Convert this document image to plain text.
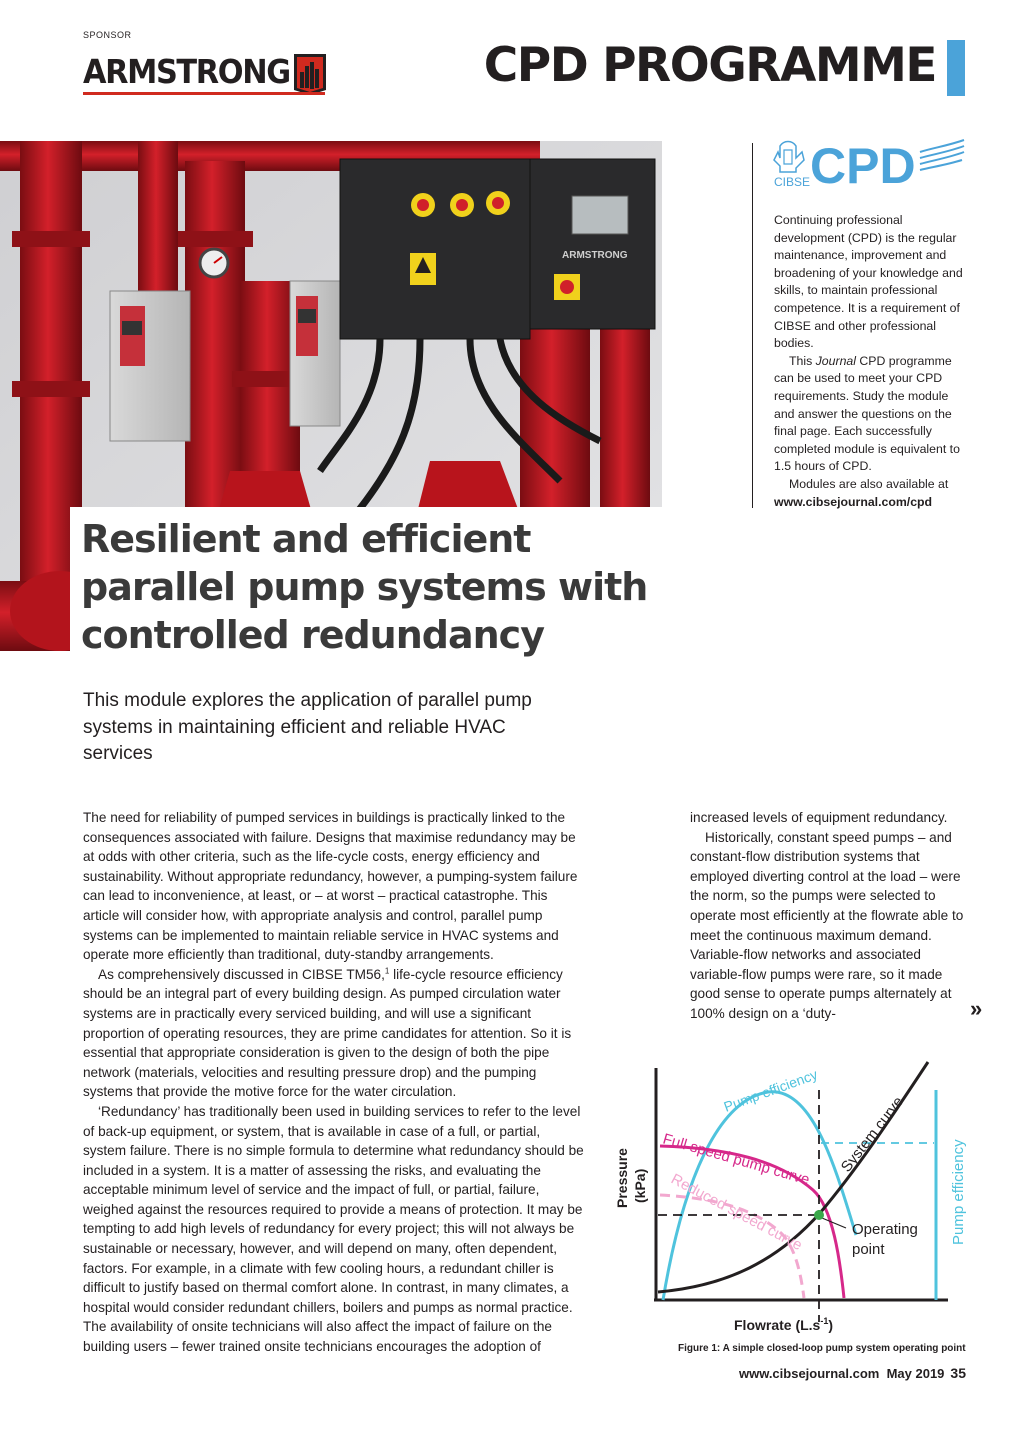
SPONSOR
ARMSTRONG	CPD PROGRAMME
ARMSTRONG
Resilient and efficient parallel pump systems with controlled redundancy
CIBSE CPD

Continuing professional development (CPD) is the regular maintenance, improvement and broadening of your knowledge and skills, to maintain professional competence. It is a requirement of CIBSE and other professional bodies.

This Journal CPD programme can be used to meet your CPD requirements. Study the module and answer the questions on the final page. Each successfully completed module is equivalent to 1.5 hours of CPD.

Modules are also available at

www.cibsejournal.com/cpd

This module explores the application of parallel pump systems in maintaining efficient and reliable HVAC services

The need for reliability of pumped services in buildings is practically linked to the consequences associated with failure. Designs that maximise redundancy may be at odds with other criteria, such as the life-cycle costs, energy efficiency and sustainability. Without appropriate redundancy, however, a pumping-system failure can lead to inconvenience, at least, or – at worst – practical catastrophe. This article will consider how, with appropriate analysis and control, parallel pump systems can be implemented to maintain reliable service in HVAC systems and operate more efficiently than traditional, duty-standby arrangements.

As comprehensively discussed in CIBSE TM56,$^1$ life-cycle resource efficiency should be an integral part of every building design. As pumped circulation water systems are in practically every serviced building, and will use a significant proportion of operating resources, they are prime candidates for attention. So it is essential that appropriate consideration is given to the design of both the pipe network (materials, velocities and resulting pressure drop) and the pumping systems that provide the motive force for the water circulation.

‘Redundancy’ has traditionally been used in building services to refer to the level of back-up equipment, or system, that is available in case of a full, or partial, system failure. There is no simple formula to determine what redundancy should be included in a system. It is a matter of assessing the risks, and evaluating the acceptable minimum level of service and the impact of full, or partial, failure, weighed against the resources required to provide a means of protection. It may be tempting to add high levels of redundancy for every project; this will not always be sustainable or necessary, however, and will depend on many, often dependent, factors. For example, in a climate with few cooling hours, a redundant chiller is difficult to justify based on thermal comfort alone. In contrast, in many climates, a hospital would consider redundant chillers, boilers and pumps as normal practice. The availability of onsite technicians will also affect the impact of failure on the building users – fewer trained onsite technicians encourages the adoption of

increased levels of equipment redundancy.

Historically, constant speed pumps – and constant-flow distribution systems that employed diverting control at the load – were the norm, so the pumps were selected to operate most efficiently at the flowrate able to meet the continuous maximum demand. Variable-flow networks and associated variable-flow pumps were rare, so it made good sense to operate pumps alternately at 100% design on a ‘duty-	»
Pump efficiency
Full speed pump curve
Reduced speed curve
System curve
Operating
point
Pump efficiency
Pressure (kPa)
Flowrate $(L.s^{-1})$
Figure 1: A simple closed-loop pump system operating point
www.cibsejournal.com May 2019 35
